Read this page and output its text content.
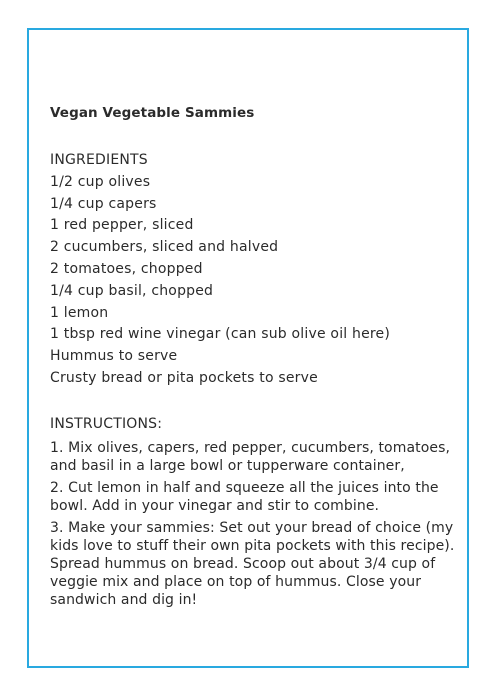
Vegan Vegetable Sammies
INGREDIENTS
1/2 cup olives
1/4 cup capers
1 red pepper, sliced
2 cucumbers, sliced and halved
2 tomatoes, chopped
1/4 cup basil, chopped
1 lemon
1 tbsp red wine vinegar (can sub olive oil here)
Hummus to serve
Crusty bread or pita pockets to serve
INSTRUCTIONS:

1. Mix olives, capers, red pepper, cucumbers, tomatoes, and basil in a large bowl or tupperware container,

2. Cut lemon in half and squeeze all the juices into the bowl. Add in your vinegar and stir to combine.

3. Make your sammies: Set out your bread of choice (my kids love to stuff their own pita pockets with this recipe). Spread hummus on bread. Scoop out about 3/4 cup of veggie mix and place on top of hummus. Close your sandwich and dig in!
